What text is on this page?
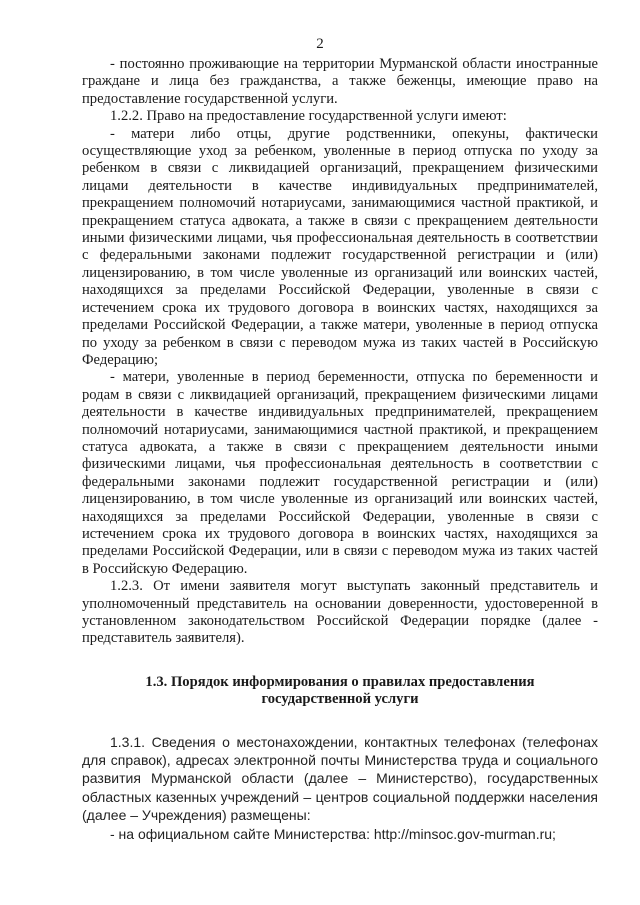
2

- постоянно проживающие на территории Мурманской области иностранные граждане и лица без гражданства, а также беженцы, имеющие право на предоставление государственной услуги.

1.2.2. Право на предоставление государственной услуги имеют:

- матери либо отцы, другие родственники, опекуны, фактически осуществляющие уход за ребенком, уволенные в период отпуска по уходу за ребенком в связи с ликвидацией организаций, прекращением физическими лицами деятельности в качестве индивидуальных предпринимателей, прекращением полномочий нотариусами, занимающимися частной практикой, и прекращением статуса адвоката, а также в связи с прекращением деятельности иными физическими лицами, чья профессиональная деятельность в соответствии с федеральными законами подлежит государственной регистрации и (или) лицензированию, в том числе уволенные из организаций или воинских частей, находящихся за пределами Российской Федерации, уволенные в связи с истечением срока их трудового договора в воинских частях, находящихся за пределами Российской Федерации, а также матери, уволенные в период отпуска по уходу за ребенком в связи с переводом мужа из таких частей в Российскую Федерацию;

- матери, уволенные в период беременности, отпуска по беременности и родам в связи с ликвидацией организаций, прекращением физическими лицами деятельности в качестве индивидуальных предпринимателей, прекращением полномочий нотариусами, занимающимися частной практикой, и прекращением статуса адвоката, а также в связи с прекращением деятельности иными физическими лицами, чья профессиональная деятельность в соответствии с федеральными законами подлежит государственной регистрации и (или) лицензированию, в том числе уволенные из организаций или воинских частей, находящихся за пределами Российской Федерации, уволенные в связи с истечением срока их трудового договора в воинских частях, находящихся за пределами Российской Федерации, или в связи с переводом мужа из таких частей в Российскую Федерацию.

1.2.3. От имени заявителя могут выступать законный представитель и уполномоченный представитель на основании доверенности, удостоверенной в установленном законодательством Российской Федерации порядке (далее - представитель заявителя).

1.3. Порядок информирования о правилах предоставления
государственной услуги

1.3.1. Сведения о местонахождении, контактных телефонах (телефонах для справок), адресах электронной почты Министерства труда и социального развития Мурманской области (далее – Министерство), государственных областных казенных учреждений – центров социальной поддержки населения (далее – Учреждения) размещены:

- на официальном сайте Министерства: http://minsoc.gov-murman.ru;
